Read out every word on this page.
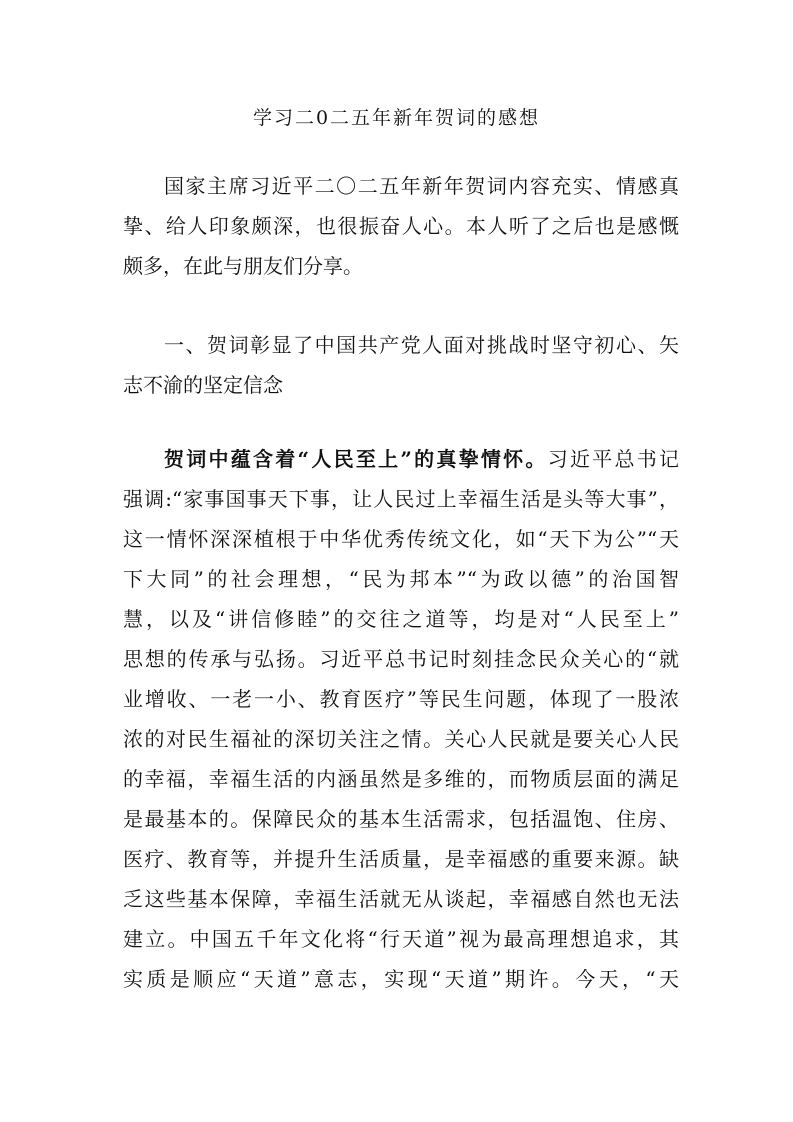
学习二0二五年新年贺词的感想
国家主席习近平二〇二五年新年贺词内容充实、情感真
挚、给人印象颇深，也很振奋人心。本人听了之后也是感慨
颇多，在此与朋友们分享。
一、贺词彰显了中国共产党人面对挑战时坚守初心、矢
志不渝的坚定信念
贺词中蕴含着“人民至上”的真挚情怀。习近平总书记
强调:“家事国事天下事，让人民过上幸福生活是头等大事”，
这一情怀深深植根于中华优秀传统文化，如“天下为公”“天
下大同”的社会理想，“民为邦本”“为政以德”的治国智
慧，以及“讲信修睦”的交往之道等，均是对“人民至上”
思想的传承与弘扬。习近平总书记时刻挂念民众关心的“就
业增收、一老一小、教育医疗”等民生问题，体现了一股浓
浓的对民生福祉的深切关注之情。关心人民就是要关心人民
的幸福，幸福生活的内涵虽然是多维的，而物质层面的满足
是最基本的。保障民众的基本生活需求，包括温饱、住房、
医疗、教育等，并提升生活质量，是幸福感的重要来源。缺
乏这些基本保障，幸福生活就无从谈起，幸福感自然也无法
建立。中国五千年文化将“行天道”视为最高理想追求，其
实质是顺应“天道”意志，实现“天道”期许。今天，“天
